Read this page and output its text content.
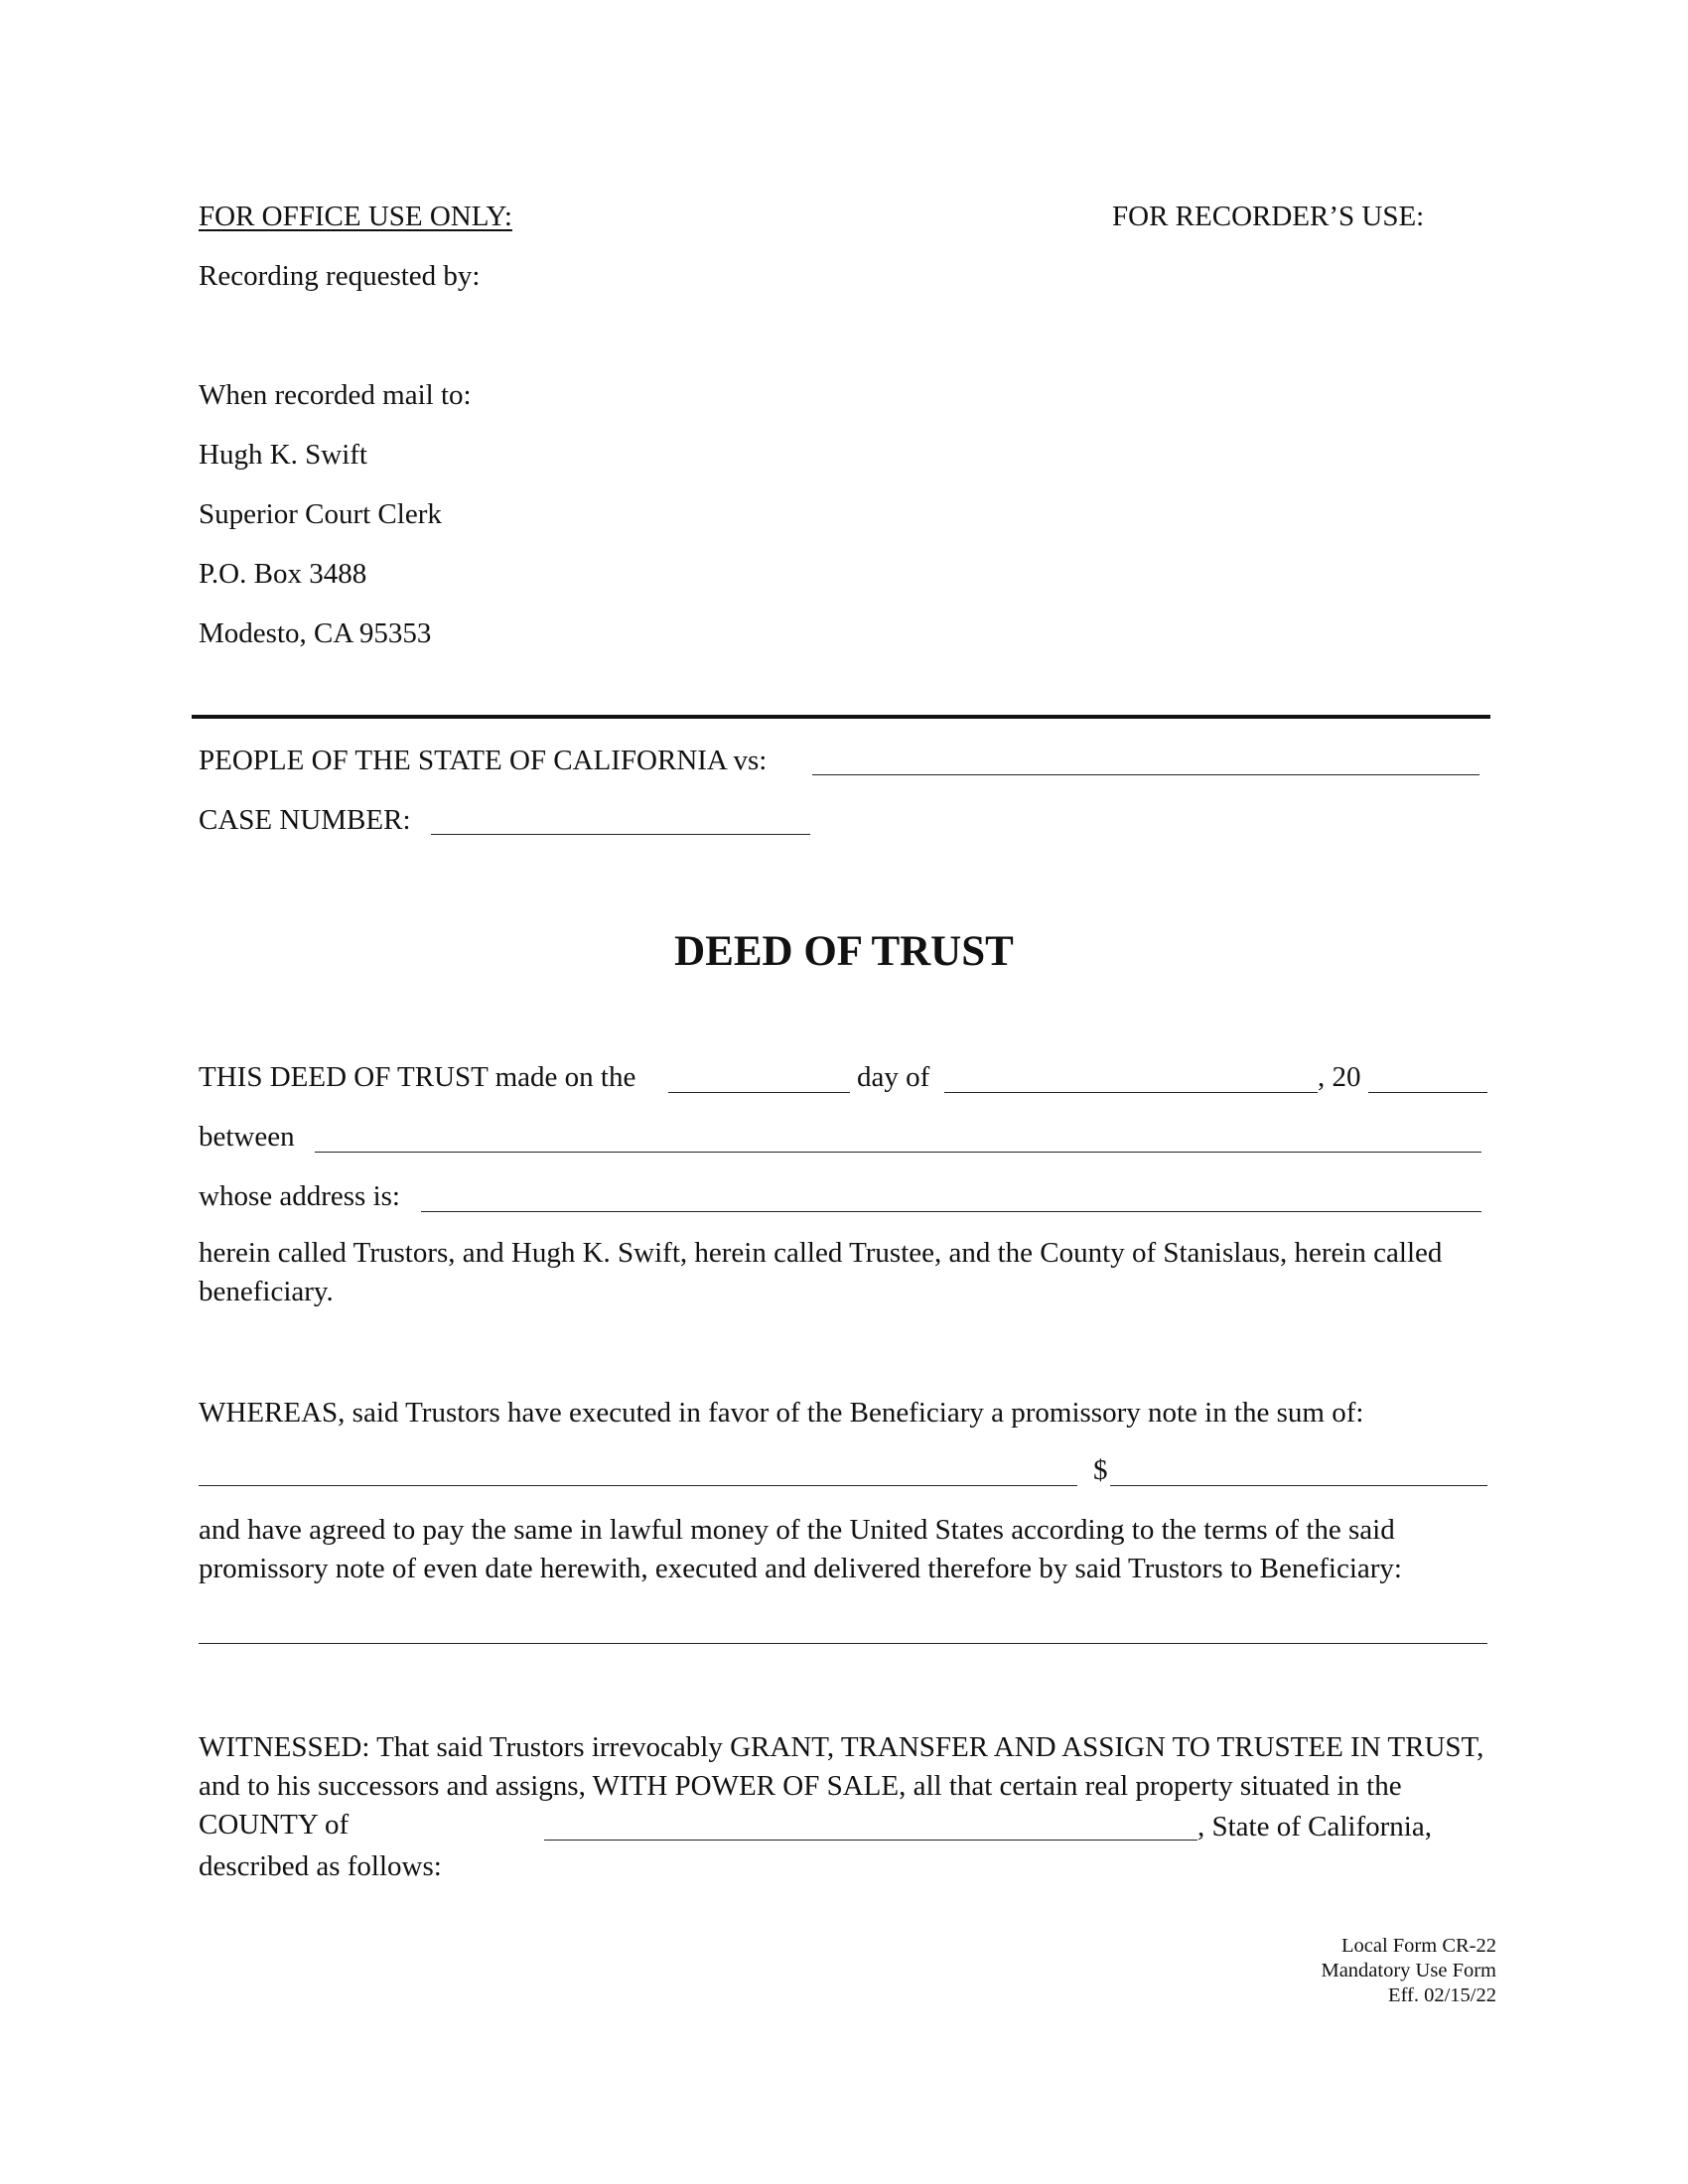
FOR OFFICE USE ONLY:	FOR RECORDER’S USE:
Recording requested by:
When recorded mail to:
Hugh K. Swift
Superior Court Clerk
P.O. Box 3488
Modesto, CA 95353
PEOPLE OF THE STATE OF CALIFORNIA vs:
CASE NUMBER:
DEED OF TRUST
THIS DEED OF TRUST made on the	day of	, 20
between
whose address is:
herein called Trustors, and Hugh K. Swift, herein called Trustee, and the County of Stanislaus, herein called beneficiary.
WHEREAS, said Trustors have executed in favor of the Beneficiary a promissory note in the sum of:
$
and have agreed to pay the same in lawful money of the United States according to the terms of the said promissory note of even date herewith, executed and delivered therefore by said Trustors to Beneficiary:
WITNESSED: That said Trustors irrevocably GRANT, TRANSFER AND ASSIGN TO TRUSTEE IN TRUST, and to his successors and assigns, WITH POWER OF SALE, all that certain real property situated in the COUNTY of	, State of California,
described as follows:
Local Form CR-22
Mandatory Use Form
Eff. 02/15/22
